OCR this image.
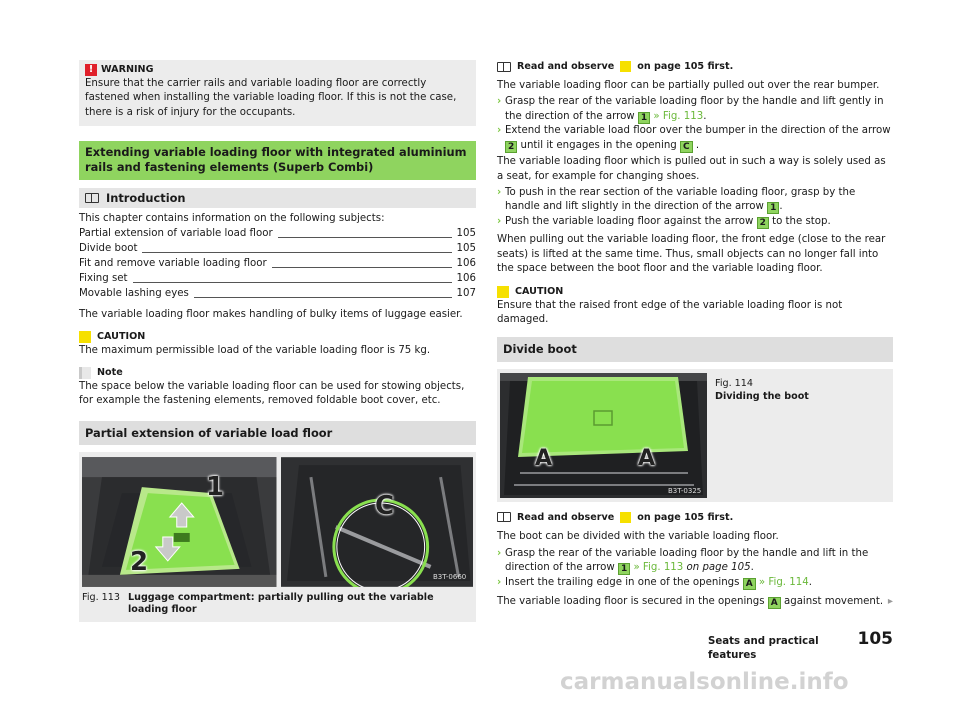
! WARNING

Ensure that the carrier rails and variable loading floor are correctly fastened when installing the variable loading floor. If this is not the case, there is a risk of injury for the occupants.

Extending variable loading floor with integrated aluminium rails and fastening elements (Superb Combi)
Introduction

This chapter contains information on the following subjects:

Partial extension of variable load floor	105
Divide boot	105
Fit and remove variable loading floor	106
Fixing set	106
Movable lashing eyes	107

The variable loading floor makes handling of bulky items of luggage easier.

CAUTION

The maximum permissible load of the variable loading floor is 75 kg.

Note

The space below the variable loading floor can be used for stowing objects, for example the fastening elements, removed foldable boot cover, etc.

Partial extension of variable load floor
1
2
C
B3T-0660
Fig. 113 Luggage compartment: partially pulling out the variable loading floor
Read and observe on page 105 first.

The variable loading floor can be partially pulled out over the rear bumper.

› Grasp the rear of the variable loading floor by the handle and lift gently in the direction of the arrow 1 » Fig. 113.
› Extend the variable load floor over the bumper in the direction of the arrow 2 until it engages in the opening C .

The variable loading floor which is pulled out in such a way is solely used as a seat, for example for changing shoes.

› To push in the rear section of the variable loading floor, grasp by the handle and lift slightly in the direction of the arrow 1 .
› Push the variable loading floor against the arrow 2 to the stop.

When pulling out the variable loading floor, the front edge (close to the rear seats) is lifted at the same time. Thus, small objects can no longer fall into the space between the boot floor and the variable loading floor.

CAUTION

Ensure that the raised front edge of the variable loading floor is not damaged.

Divide boot
A	A
B3T-0325
Fig. 114
Dividing the boot
Read and observe on page 105 first.

The boot can be divided with the variable loading floor.

› Grasp the rear of the variable loading floor by the handle and lift in the direction of the arrow 1 » Fig. 113 on page 105.
› Insert the trailing edge in one of the openings A » Fig. 114.

The variable loading floor is secured in the openings A against movement. ▸

Seats and practical features
105
carmanualsonline.info
